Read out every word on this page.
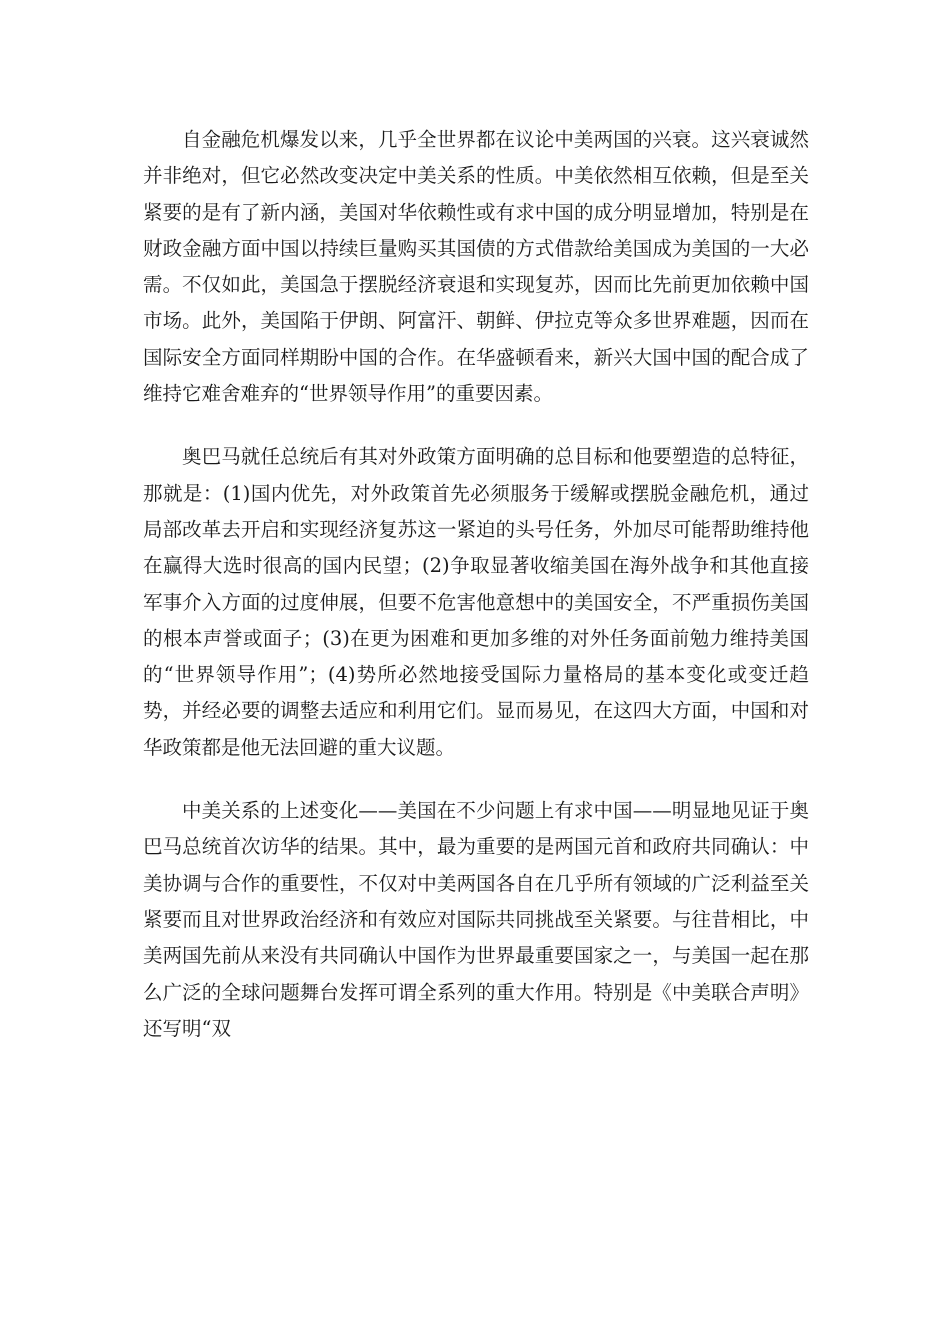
自金融危机爆发以来，几乎全世界都在议论中美两国的兴衰。这兴衰诚然并非绝对，但它必然改变决定中美关系的性质。中美依然相互依赖，但是至关紧要的是有了新内涵，美国对华依赖性或有求中国的成分明显增加，特别是在财政金融方面中国以持续巨量购买其国债的方式借款给美国成为美国的一大必需。不仅如此，美国急于摆脱经济衰退和实现复苏，因而比先前更加依赖中国市场。此外，美国陷于伊朗、阿富汗、朝鲜、伊拉克等众多世界难题，因而在国际安全方面同样期盼中国的合作。在华盛顿看来，新兴大国中国的配合成了维持它难舍难弃的“世界领导作用”的重要因素。

奥巴马就任总统后有其对外政策方面明确的总目标和他要塑造的总特征，那就是：(1)国内优先，对外政策首先必须服务于缓解或摆脱金融危机，通过局部改革去开启和实现经济复苏这一紧迫的头号任务，外加尽可能帮助维持他在赢得大选时很高的国内民望；(2)争取显著收缩美国在海外战争和其他直接军事介入方面的过度伸展，但要不危害他意想中的美国安全，不严重损伤美国的根本声誉或面子；(3)在更为困难和更加多维的对外任务面前勉力维持美国的“世界领导作用”；(4)势所必然地接受国际力量格局的基本变化或变迁趋势，并经必要的调整去适应和利用它们。显而易见，在这四大方面，中国和对华政策都是他无法回避的重大议题。

中美关系的上述变化——美国在不少问题上有求中国——明显地见证于奥巴马总统首次访华的结果。其中，最为重要的是两国元首和政府共同确认：中美协调与合作的重要性，不仅对中美两国各自在几乎所有领域的广泛利益至关紧要而且对世界政治经济和有效应对国际共同挑战至关紧要。与往昔相比，中美两国先前从来没有共同确认中国作为世界最重要国家之一，与美国一起在那么广泛的全球问题舞台发挥可谓全系列的重大作用。特别是《中美联合声明》还写明“双
